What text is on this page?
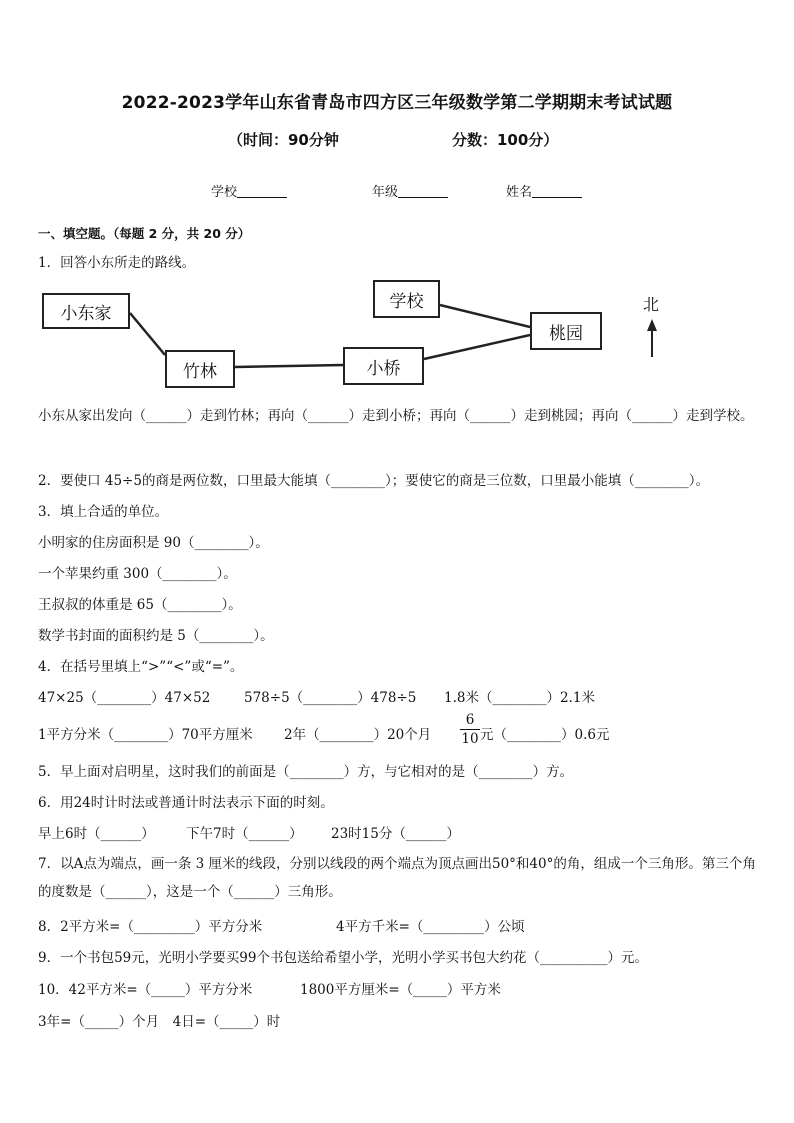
2022-2023学年山东省青岛市四方区三年级数学第二学期期末考试试题
（时间：90分钟	分数：100分）
学校	年级	姓名
一、填空题。（每题 2 分，共 20 分）
1．回答小东所走的路线。
小东家
竹林	小桥
学校
桃园
北
小东从家出发向（______）走到竹林；再向（______）走到小桥；再向（______）走到桃园；再向（______）走到学校。
2．要使口 45÷5的商是两位数，口里最大能填（________）；要使它的商是三位数，口里最小能填（________）。
3．填上合适的单位。
小明家的住房面积是 90（________）。
一个苹果约重 300（________）。
王叔叔的体重是 65（________）。
数学书封面的面积约是 5（________）。
4．在括号里填上“>”“<”或“=”。
47×25（________）47×52 578÷5（________）478÷5 1.8米（________）2.1米
1平方分米（________）70平方厘米 2年（________）20个月
6
10 元（________）0.6元
5．早上面对启明星，这时我们的前面是（________）方，与它相对的是（________）方。
6．用24时计时法或普通计时法表示下面的时刻。
早上6时（______） 下午7时（______） 23时15分（______）
7．以A点为端点，画一条 3 厘米的线段，分别以线段的两个端点为顶点画出50°和40°的角，组成一个三角形。第三个角的度数是（______），这是一个（______）三角形。
8．2平方米=（_________）平方分米	4平方千米=（_________）公顷
9．一个书包59元，光明小学要买99个书包送给希望小学，光明小学买书包大约花（__________）元。
10．42平方米=（_____）平方分米	1800平方厘米=（_____）平方米
3年=（_____）个月　4日=（_____）时
